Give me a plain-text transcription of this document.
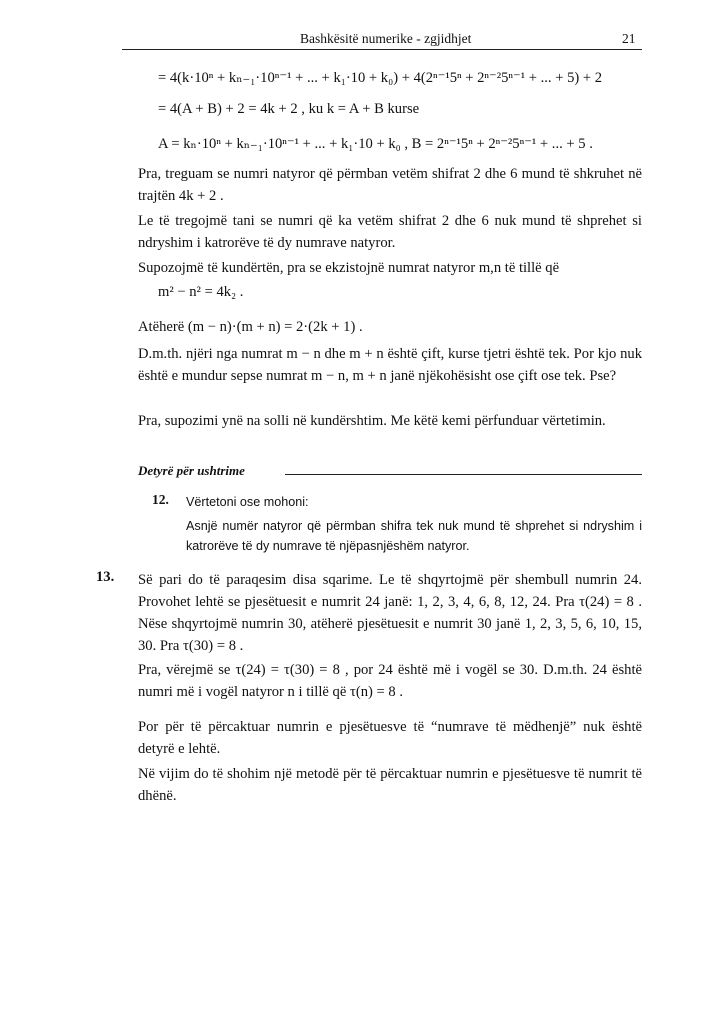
Bashkësitë numerike - zgjidhjet	21
= 4(k·10ⁿ + kₙ₋₁·10ⁿ⁻¹ + ... + k₁·10 + k₀) + 4(2ⁿ⁻¹5ⁿ + 2ⁿ⁻²5ⁿ⁻¹ + ... + 5) + 2
= 4(A + B) + 2 = 4k + 2 , ku k = A + B kurse
A = kₙ·10ⁿ + kₙ₋₁·10ⁿ⁻¹ + ... + k₁·10 + k₀ , B = 2ⁿ⁻¹5ⁿ + 2ⁿ⁻²5ⁿ⁻¹ + ... + 5 .
Pra, treguam se numri natyror që përmban vetëm shifrat 2 dhe 6 mund të shkruhet në trajtën 4k + 2 .
Le të tregojmë tani se numri që ka vetëm shifrat 2 dhe 6 nuk mund të shprehet si ndryshim i katrorëve të dy numrave natyror.
Supozojmë të kundërtën, pra se ekzistojnë numrat natyror m,n të tillë që
m² − n² = 4k₂ .
Atëherë (m − n)·(m + n) = 2·(2k + 1) .
D.m.th. njëri nga numrat m − n dhe m + n është çift, kurse tjetri është tek. Por kjo nuk është e mundur sepse numrat m − n, m + n janë njëkohësisht ose çift ose tek. Pse?
Pra, supozimi ynë na solli në kundërshtim. Me këtë kemi përfunduar vërtetimin.
Detyrë për ushtrime
12. Vërtetoni ose mohoni:
Asnjë numër natyror që përmban shifra tek nuk mund të shprehet si ndryshim i katrorëve të dy numrave të njëpasnjëshëm natyror.
13. Së pari do të paraqesim disa sqarime. Le të shqyrtojmë për shembull numrin 24. Provohet lehtë se pjesëtuesit e numrit 24 janë: 1, 2, 3, 4, 6, 8, 12, 24. Pra τ(24) = 8 . Nëse shqyrtojmë numrin 30, atëherë pjesëtuesit e numrit 30 janë 1, 2, 3, 5, 6, 10, 15, 30. Pra τ(30) = 8 .
Pra, vërejmë se τ(24) = τ(30) = 8 , por 24 është më i vogël se 30. D.m.th. 24 është numri më i vogël natyror n i tillë që τ(n) = 8 .
Por për të përcaktuar numrin e pjesëtuesve të “numrave të mëdhenjë” nuk është detyrë e lehtë.
Në vijim do të shohim një metodë për të përcaktuar numrin e pjesëtuesve të numrit të dhënë.
